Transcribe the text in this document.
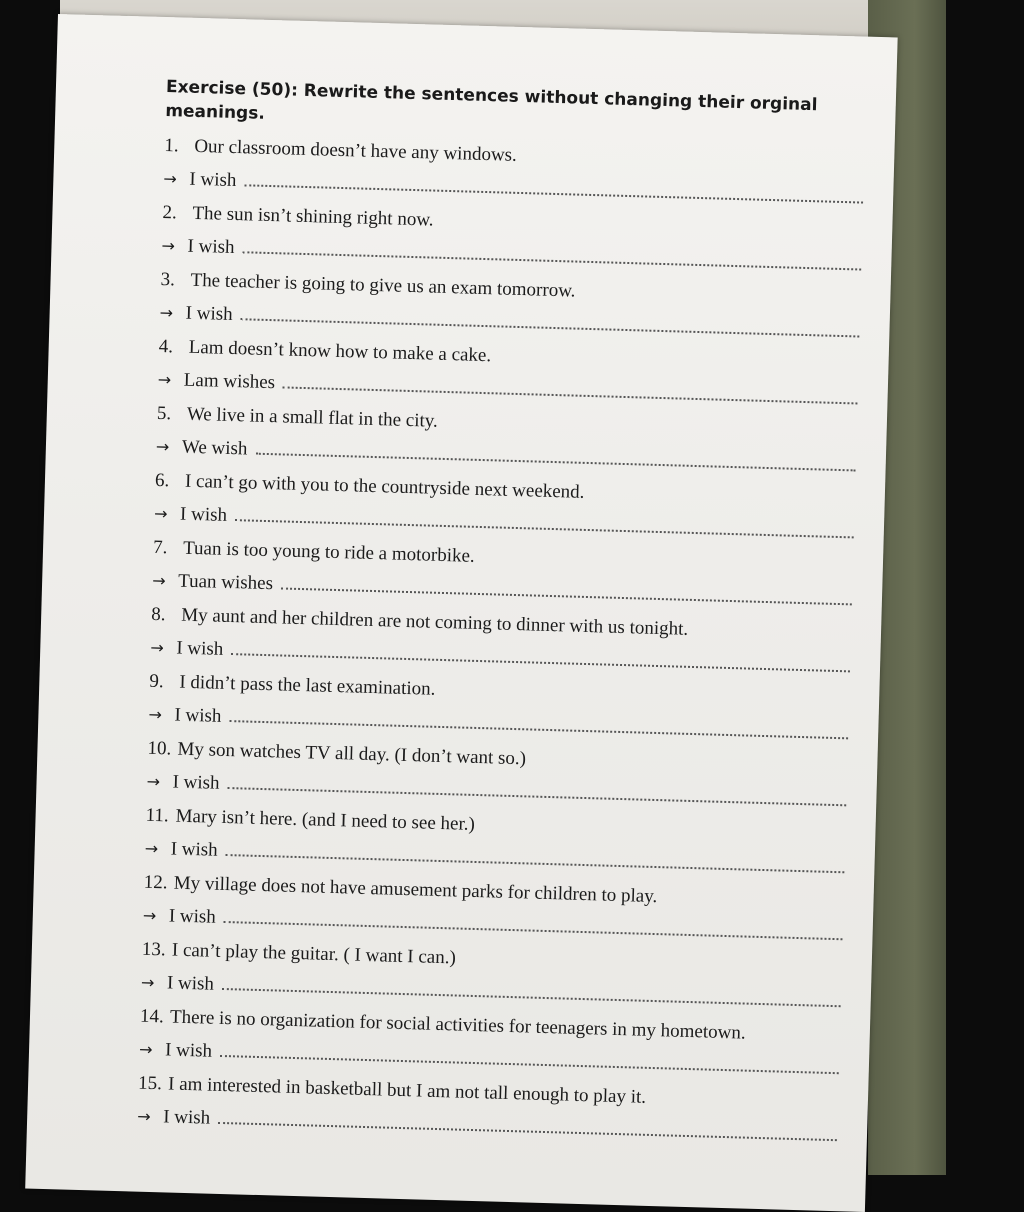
Exercise (50): Rewrite the sentences without changing their orginal meanings.
1. Our classroom doesn’t have any windows.
→ I wish
2. The sun isn’t shining right now.
→ I wish
3. The teacher is going to give us an exam tomorrow.
→ I wish
4. Lam doesn’t know how to make a cake.
→ Lam wishes
5. We live in a small flat in the city.
→ We wish
6. I can’t go with you to the countryside next weekend.
→ I wish
7. Tuan is too young to ride a motorbike.
→ Tuan wishes
8. My aunt and her children are not coming to dinner with us tonight.
→ I wish
9. I didn’t pass the last examination.
→ I wish
10. My son watches TV all day. (I don’t want so.)
→ I wish
11. Mary isn’t here. (and I need to see her.)
→ I wish
12. My village does not have amusement parks for children to play.
→ I wish
13. I can’t play the guitar. ( I want I can.)
→ I wish
14. There is no organization for social activities for teenagers in my hometown.
→ I wish
15. I am interested in basketball but I am not tall enough to play it.
→ I wish
